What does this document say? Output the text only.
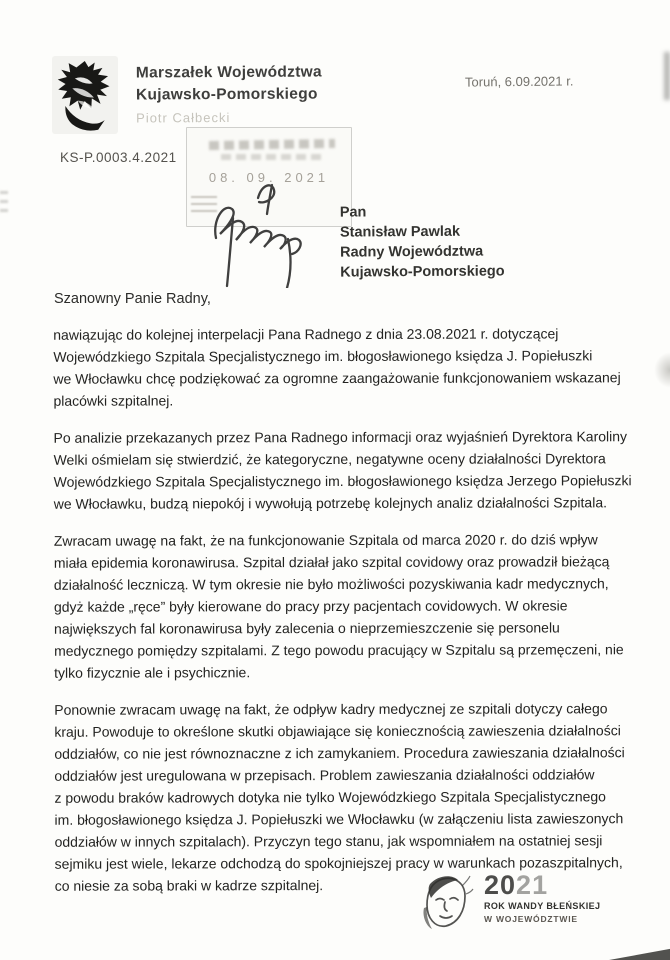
Marszałek Województwa
Kujawsko-Pomorskiego
Piotr Całbecki
Toruń, 6.09.2021 r.
KS-P.0003.4.2021
08. 09. 2021
Pan
Stanisław Pawlak
Radny Województwa
Kujawsko-Pomorskiego
Szanowny Panie Radny,
nawiązując do kolejnej interpelacji Pana Radnego z dnia 23.08.2021 r. dotyczącej
Wojewódzkiego Szpitala Specjalistycznego im. błogosławionego księdza J. Popiełuszki
we Włocławku chcę podziękować za ogromne zaangażowanie funkcjonowaniem wskazanej
placówki szpitalnej.
Po analizie przekazanych przez Pana Radnego informacji oraz wyjaśnień Dyrektora Karoliny
Welki ośmielam się stwierdzić, że kategoryczne, negatywne oceny działalności Dyrektora
Wojewódzkiego Szpitala Specjalistycznego im. błogosławionego księdza Jerzego Popiełuszki
we Włocławku, budzą niepokój i wywołują potrzebę kolejnych analiz działalności Szpitala.
Zwracam uwagę na fakt, że na funkcjonowanie Szpitala od marca 2020 r. do dziś wpływ
miała epidemia koronawirusa. Szpital działał jako szpital covidowy oraz prowadził bieżącą
działalność leczniczą. W tym okresie nie było możliwości pozyskiwania kadr medycznych,
gdyż każde „ręce” były kierowane do pracy przy pacjentach covidowych. W okresie
największych fal koronawirusa były zalecenia o nieprzemieszczenie się personelu
medycznego pomiędzy szpitalami. Z tego powodu pracujący w Szpitalu są przemęczeni, nie
tylko fizycznie ale i psychicznie.
Ponownie zwracam uwagę na fakt, że odpływ kadry medycznej ze szpitali dotyczy całego
kraju. Powoduje to określone skutki objawiające się koniecznością zawieszenia działalności
oddziałów, co nie jest równoznaczne z ich zamykaniem. Procedura zawieszania działalności
oddziałów jest uregulowana w przepisach. Problem zawieszania działalności oddziałów
z powodu braków kadrowych dotyka nie tylko Wojewódzkiego Szpitala Specjalistycznego
im. błogosławionego księdza J. Popiełuszki we Włocławku (w załączeniu lista zawieszonych
oddziałów w innych szpitalach). Przyczyn tego stanu, jak wspomniałem na ostatniej sesji
sejmiku jest wiele, lekarze odchodzą do spokojniejszej pracy w warunkach pozaszpitalnych,
co niesie za sobą braki w kadrze szpitalnej.	2021
ROK WANDY BŁEŃSKIEJ
W WOJEWÓDZTWIE
